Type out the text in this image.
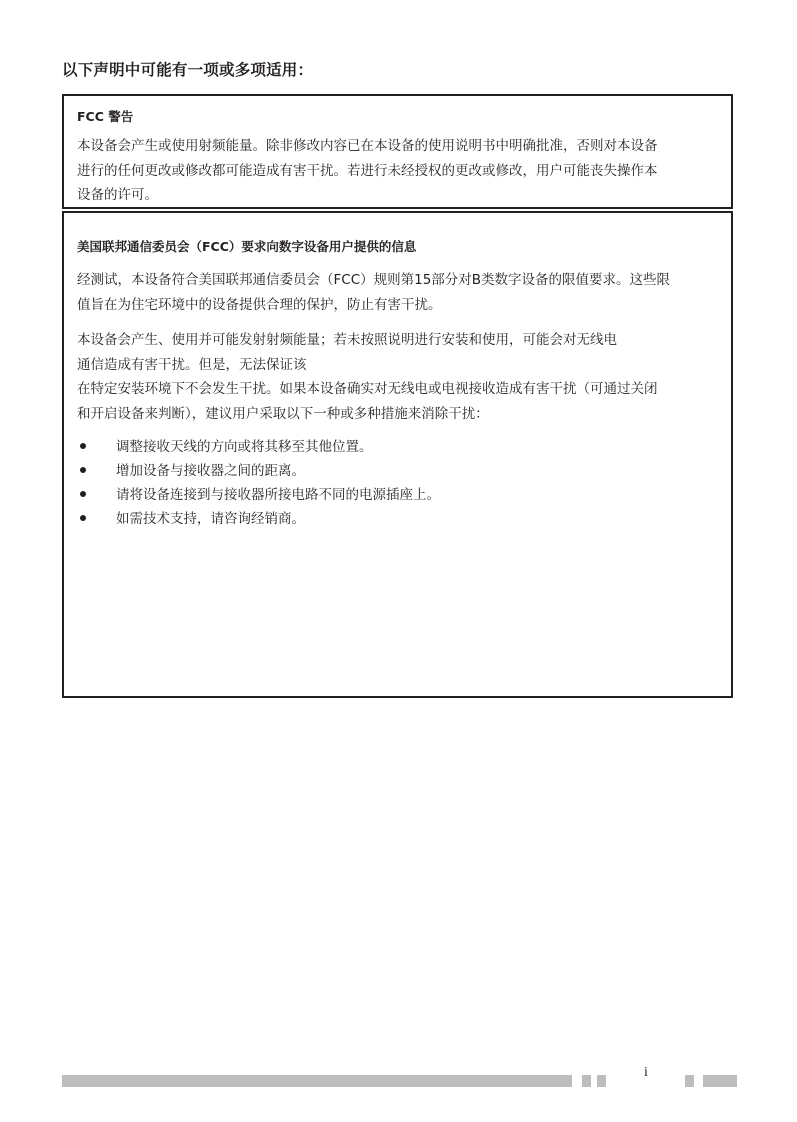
以下声明中可能有一项或多项适用：
FCC 警告

本设备会产生或使用射频能量。除非修改内容已在本设备的使用说明书中明确批准，否则对本设备
进行的任何更改或修改都可能造成有害干扰。若进行未经授权的更改或修改，用户可能丧失操作本
设备的许可。

美国联邦通信委员会（FCC）要求向数字设备用户提供的信息

经测试，本设备符合美国联邦通信委员会（FCC）规则第15部分对B类数字设备的限值要求。这些限
值旨在为住宅环境中的设备提供合理的保护，防止有害干扰。

本设备会产生、使用并可能发射射频能量；若未按照说明进行安装和使用，可能会对无线电
通信造成有害干扰。但是，无法保证该
在特定安装环境下不会发生干扰。如果本设备确实对无线电或电视接收造成有害干扰（可通过关闭
和开启设备来判断），建议用户采取以下一种或多种措施来消除干扰：

调整接收天线的方向或将其移至其他位置。
增加设备与接收器之间的距离。
请将设备连接到与接收器所接电路不同的电源插座上。
如需技术支持，请咨询经销商。
i
